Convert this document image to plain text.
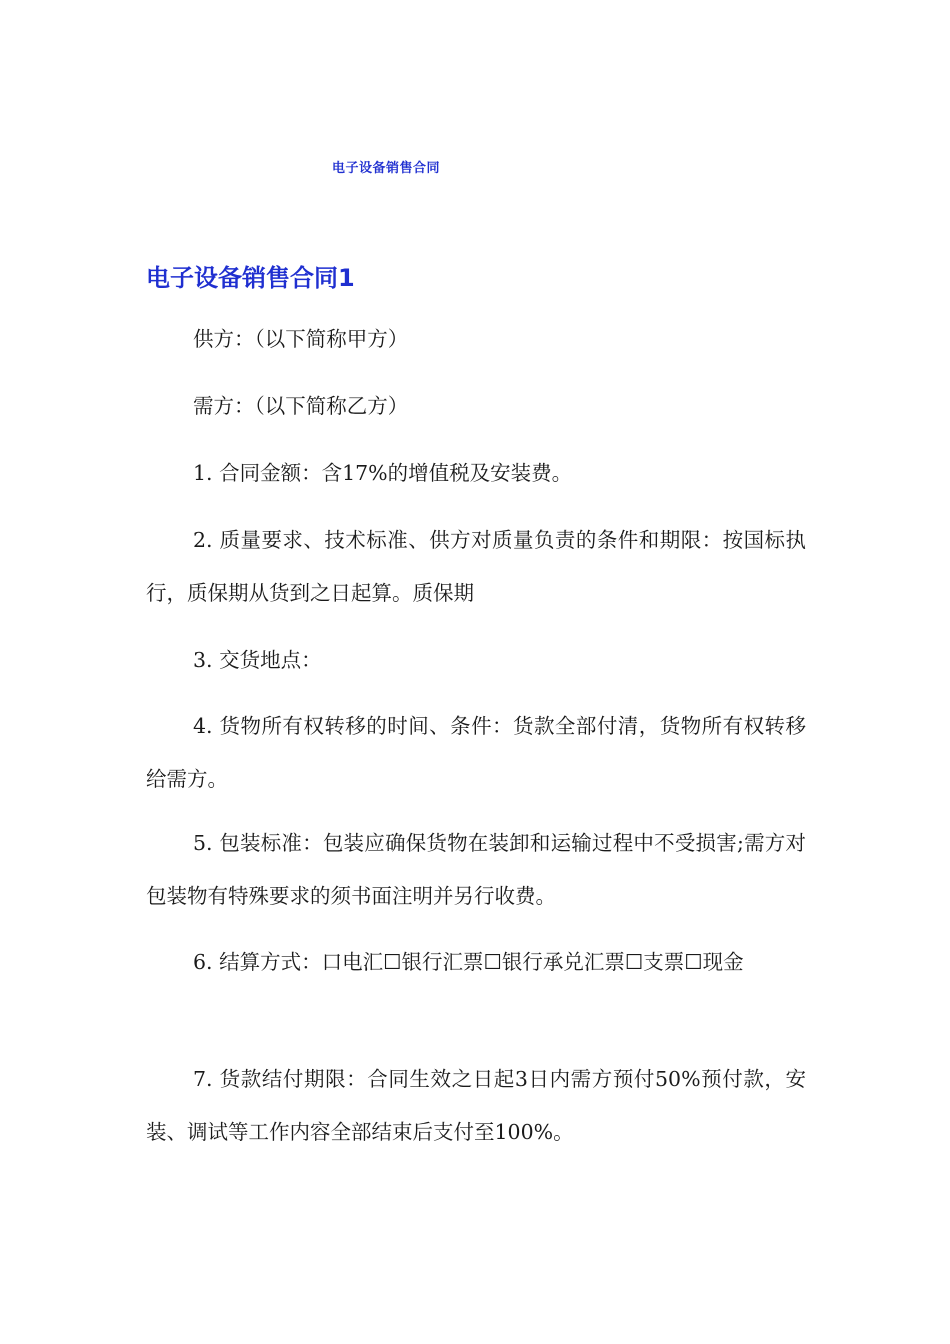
电子设备销售合同
电子设备销售合同1

供方：（以下简称甲方）

需方：（以下简称乙方）

1. 合同金额：含17%的增值税及安装费。

2. 质量要求、技术标准、供方对质量负责的条件和期限：按国标执行，质保期从货到之日起算。质保期

3. 交货地点：

4. 货物所有权转移的时间、条件：货款全部付清，货物所有权转移给需方。

5. 包装标准：包装应确保货物在装卸和运输过程中不受损害;需方对包装物有特殊要求的须书面注明并另行收费。

6. 结算方式：口电汇☐银行汇票☐银行承兑汇票☐支票☐现金

7. 货款结付期限：合同生效之日起3日内需方预付50%预付款，安装、调试等工作内容全部结束后支付至100%。
